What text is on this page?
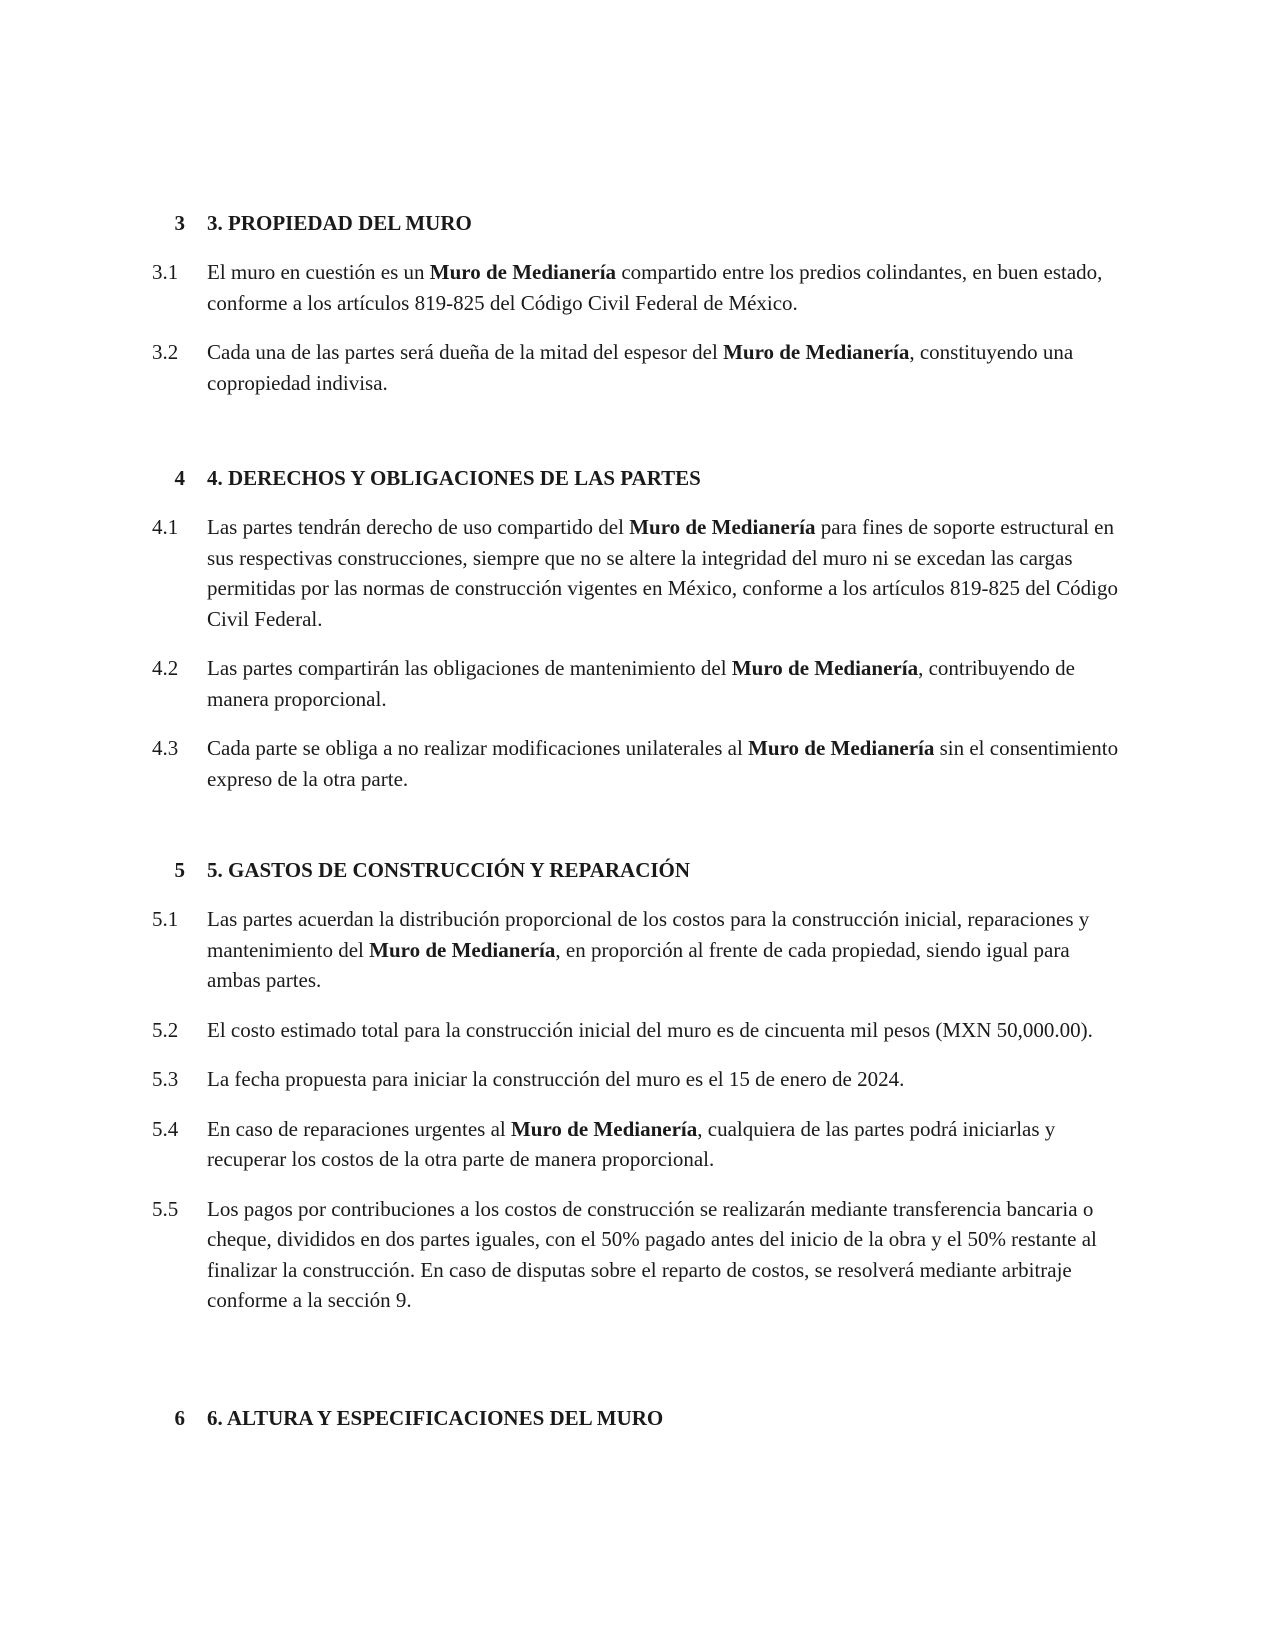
3	3. PROPIEDAD DEL MURO
3.1	El muro en cuestión es un Muro de Medianería compartido entre los predios colindantes, en buen estado, conforme a los artículos 819-825 del Código Civil Federal de México.
3.2	Cada una de las partes será dueña de la mitad del espesor del Muro de Medianería, constituyendo una copropiedad indivisa.
4	4. DERECHOS Y OBLIGACIONES DE LAS PARTES
4.1	Las partes tendrán derecho de uso compartido del Muro de Medianería para fines de soporte estructural en sus respectivas construcciones, siempre que no se altere la integridad del muro ni se excedan las cargas permitidas por las normas de construcción vigentes en México, conforme a los artículos 819-825 del Código Civil Federal.
4.2	Las partes compartirán las obligaciones de mantenimiento del Muro de Medianería, contribuyendo de manera proporcional.
4.3	Cada parte se obliga a no realizar modificaciones unilaterales al Muro de Medianería sin el consentimiento expreso de la otra parte.
5	5. GASTOS DE CONSTRUCCIÓN Y REPARACIÓN
5.1	Las partes acuerdan la distribución proporcional de los costos para la construcción inicial, reparaciones y mantenimiento del Muro de Medianería, en proporción al frente de cada propiedad, siendo igual para ambas partes.
5.2	El costo estimado total para la construcción inicial del muro es de cincuenta mil pesos (MXN 50,000.00).
5.3	La fecha propuesta para iniciar la construcción del muro es el 15 de enero de 2024.
5.4	En caso de reparaciones urgentes al Muro de Medianería, cualquiera de las partes podrá iniciarlas y recuperar los costos de la otra parte de manera proporcional.
5.5	Los pagos por contribuciones a los costos de construcción se realizarán mediante transferencia bancaria o cheque, divididos en dos partes iguales, con el 50% pagado antes del inicio de la obra y el 50% restante al finalizar la construcción. En caso de disputas sobre el reparto de costos, se resolverá mediante arbitraje conforme a la sección 9.
6	6. ALTURA Y ESPECIFICACIONES DEL MURO
